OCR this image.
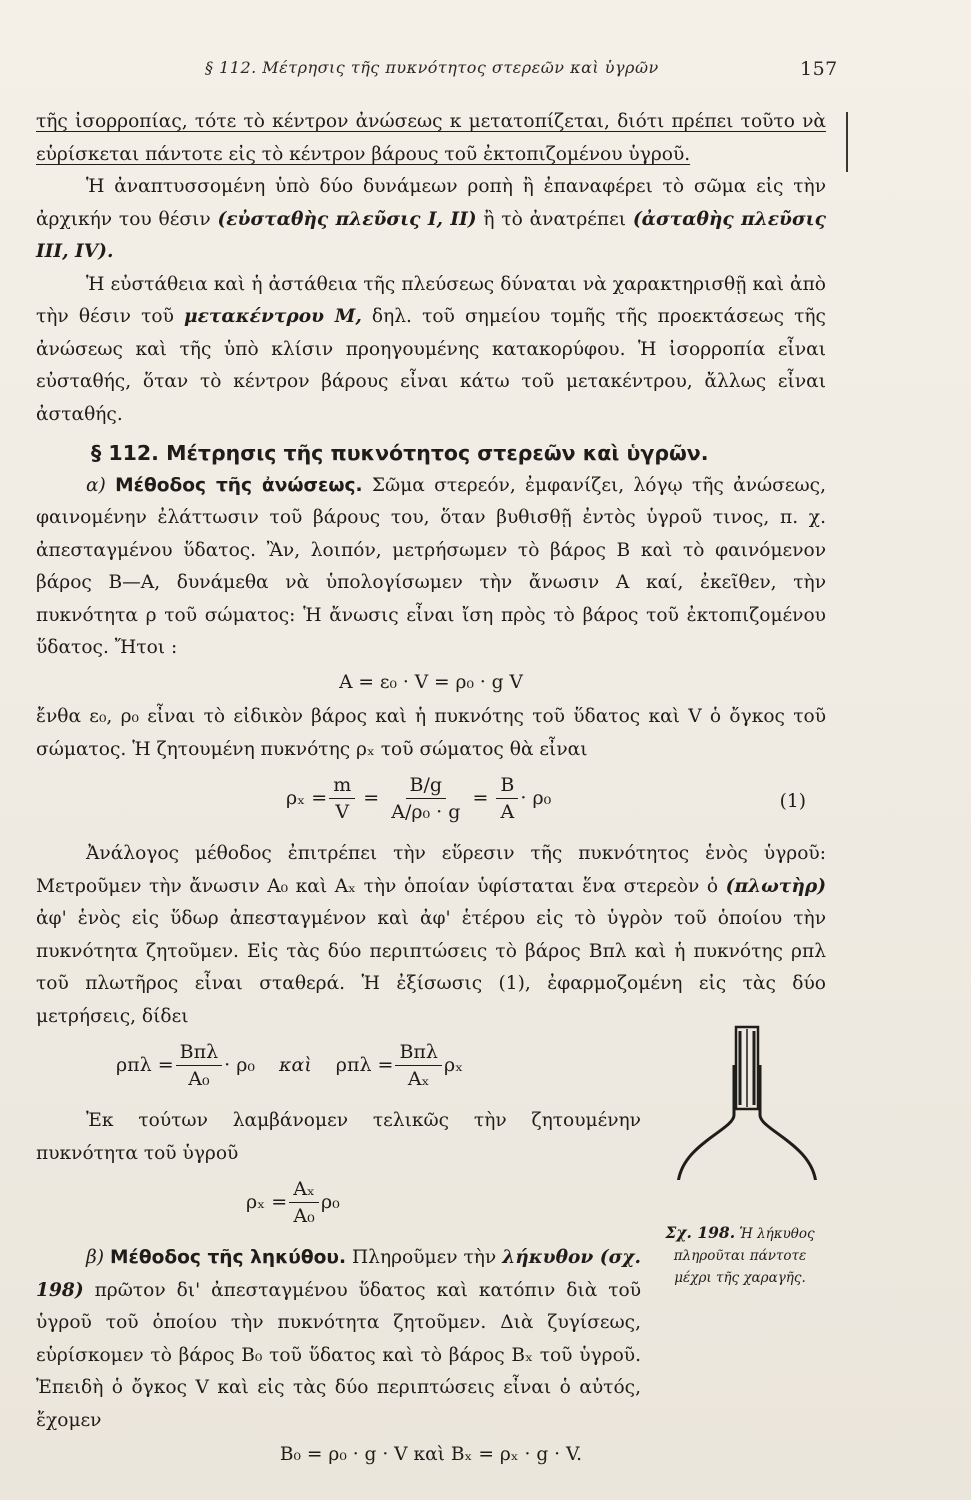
§ 112. Μέτρησις τῆς πυκνότητος στερεῶν καὶ ὑγρῶν	157

τῆς ἰσορροπίας, τότε τὸ κέντρον ἀνώσεως κ μετατοπίζεται, διότι πρέπει τοῦτο νὰ εὑρίσκεται πάντοτε εἰς τὸ κέντρον βάρους τοῦ ἐκτοπιζομένου ὑγροῦ.

Ἡ ἀναπτυσσομένη ὑπὸ δύο δυνάμεων ροπὴ ἢ ἐπαναφέρει τὸ σῶμα εἰς τὴν ἀρχικήν του θέσιν (εὐσταθὴς πλεῦσις I, II) ἢ τὸ ἀνατρέπει (ἀσταθὴς πλεῦσις III, IV).

Ἡ εὐστάθεια καὶ ἡ ἀστάθεια τῆς πλεύσεως δύναται νὰ χαρακτηρισθῇ καὶ ἀπὸ τὴν θέσιν τοῦ μετακέντρου M, δηλ. τοῦ σημείου τομῆς τῆς προεκτάσεως τῆς ἀνώσεως καὶ τῆς ὑπὸ κλίσιν προηγουμένης κατακορύφου. Ἡ ἰσορροπία εἶναι εὐσταθής, ὅταν τὸ κέντρον βάρους εἶναι κάτω τοῦ μετακέντρου, ἄλλως εἶναι ἀσταθής.

§ 112. Μέτρησις τῆς πυκνότητος στερεῶν καὶ ὑγρῶν.

α) Μέθοδος τῆς ἀνώσεως. Σῶμα στερεόν, ἐμφανίζει, λόγῳ τῆς ἀνώσεως, φαινομένην ἐλάττωσιν τοῦ βάρους του, ὅταν βυθισθῇ ἐντὸς ὑγροῦ τινος, π. χ. ἀπεσταγμένου ὕδατος. Ἂν, λοιπόν, μετρήσωμεν τὸ βάρος B καὶ τὸ φαινόμενον βάρος B—A, δυνάμεθα νὰ ὑπολογίσωμεν τὴν ἄνωσιν A καί, ἐκεῖθεν, τὴν πυκνότητα ρ τοῦ σώματος: Ἡ ἄνωσις εἶναι ἴση πρὸς τὸ βάρος τοῦ ἐκτοπιζομένου ὕδατος. Ἤτοι :

A = ε₀ · V = ρ₀ · g V

ἔνθα ε₀, ρ₀ εἶναι τὸ εἰδικὸν βάρος καὶ ἡ πυκνότης τοῦ ὕδατος καὶ V ὁ ὄγκος τοῦ σώματος. Ἡ ζητουμένη πυκνότης ρₓ τοῦ σώματος θὰ εἶναι

$\rho_x = \frac{m}{V} = \frac{B/g}{\text{A/ρ₀ · g}} = \frac{B}{A} \cdot \rho_0$	(1)

Ἀνάλογος μέθοδος ἐπιτρέπει τὴν εὕρεσιν τῆς πυκνότητος ἑνὸς ὑγροῦ: Μετροῦμεν τὴν ἄνωσιν A₀ καὶ Aₓ τὴν ὁποίαν ὑφίσταται ἕνα στερεὸν ὁ (πλωτὴρ) ἀφ' ἑνὸς εἰς ὕδωρ ἀπεσταγμένον καὶ ἀφ' ἑτέρου εἰς τὸ ὑγρὸν τοῦ ὁποίου τὴν πυκνότητα ζητοῦμεν. Εἰς τὰς δύο περιπτώσεις τὸ βάρος Bπλ καὶ ἡ πυκνότης ρπλ τοῦ πλωτῆρος εἶναι σταθερά. Ἡ ἐξίσωσις (1), ἐφαρμοζομένη εἰς τὰς δύο μετρήσεις, δίδει

$\rho\pi\lambda = \frac{\text{Bπλ}}{\text{A₀}} \cdot \rho_0$ καὶ $\rho\pi\lambda = \frac{\text{Bπλ}}{\text{Aₓ}}$ ρₓ

Ἐκ τούτων λαμβάνομεν τελικῶς τὴν ζητουμένην πυκνότητα τοῦ ὑγροῦ

$\rho_x = \frac{\text{Aₓ}}{\text{A₀}} \rho_0$

β) Μέθοδος τῆς ληκύθου. Πληροῦμεν τὴν λήκυθον (σχ. 198) πρῶτον δι' ἀπεσταγμένου ὕδατος καὶ κατόπιν διὰ τοῦ ὑγροῦ τοῦ ὁποίου τὴν πυκνότητα ζητοῦμεν. Διὰ ζυγίσεως, εὑρίσκομεν τὸ βάρος B₀ τοῦ ὕδατος καὶ τὸ βάρος Bₓ τοῦ ὑγροῦ. Ἐπειδὴ ὁ ὄγκος V καὶ εἰς τὰς δύο περιπτώσεις εἶναι ὁ αὐτός, ἔχομεν

B₀ = ρ₀ · g · V καὶ Bₓ = ρₓ · g · V.
Σχ. 198. Ἡ λήκυθος πληροῦται πάντοτε μέχρι τῆς χαραγῆς.
